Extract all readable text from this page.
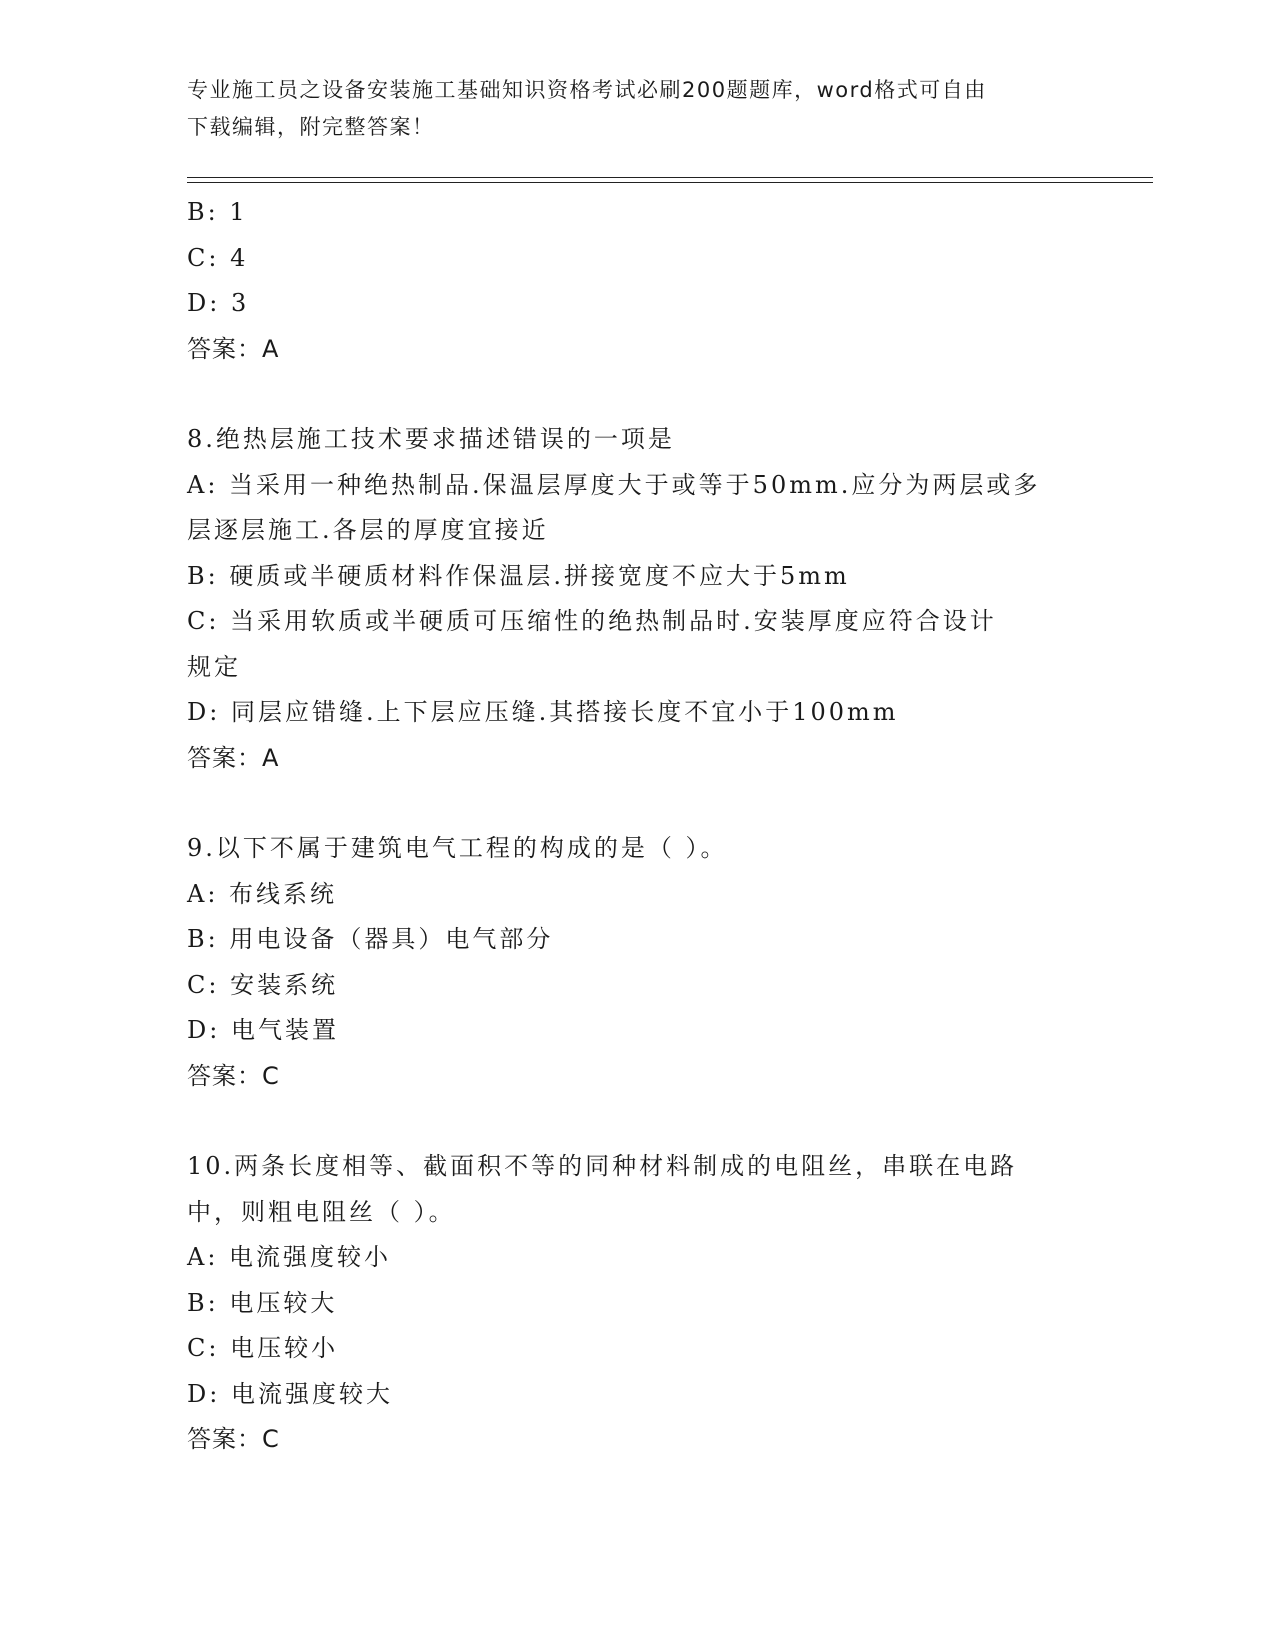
专业施工员之设备安装施工基础知识资格考试必刷200题题库，word格式可自由
下载编辑，附完整答案！
B: 1
C: 4
D: 3
答案：A
8.绝热层施工技术要求描述错误的一项是
A: 当采用一种绝热制品.保温层厚度大于或等于50mm.应分为两层或多
层逐层施工.各层的厚度宜接近
B: 硬质或半硬质材料作保温层.拼接宽度不应大于5mm
C: 当采用软质或半硬质可压缩性的绝热制品时.安装厚度应符合设计
规定
D: 同层应错缝.上下层应压缝.其搭接长度不宜小于100mm
答案：A
9.以下不属于建筑电气工程的构成的是（ ）。
A: 布线系统
B: 用电设备（器具）电气部分
C: 安装系统
D: 电气装置
答案：C
10.两条长度相等、截面积不等的同种材料制成的电阻丝，串联在电路
中，则粗电阻丝（ ）。
A: 电流强度较小
B: 电压较大
C: 电压较小
D: 电流强度较大
答案：C
